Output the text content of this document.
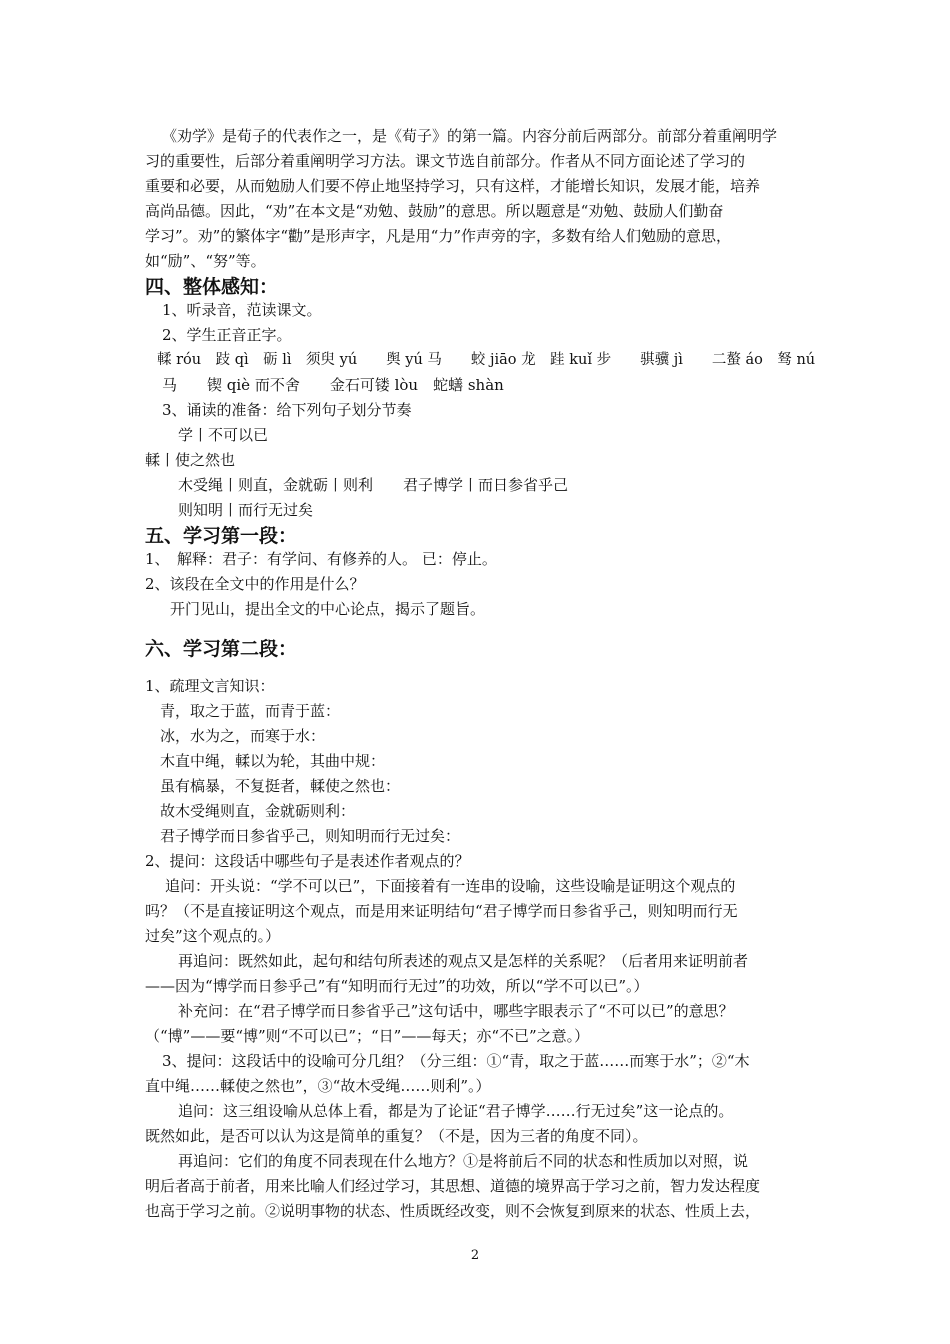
《劝学》是荀子的代表作之一，是《荀子》的第一篇。内容分前后两部分。前部分着重阐明学
习的重要性，后部分着重阐明学习方法。课文节选自前部分。作者从不同方面论述了学习的
重要和必要，从而勉励人们要不停止地坚持学习，只有这样，才能增长知识，发展才能，培养
高尚品德。因此，“劝”在本文是“劝勉、鼓励”的意思。所以题意是“劝勉、鼓励人们勤奋
学习”。劝”的繁体字“勸”是形声字，凡是用“力”作声旁的字，多数有给人们勉励的意思，
如“励”、“努”等。
四、整体感知：
1、听录音，范读课文。
2、学生正音正字。
輮 róu　跂 qì　砺 lì　须臾 yú　　舆 yú 马　　蛟 jiāo 龙　跬 kuǐ 步　　骐骥 jì　　二螯 áo　驽 nú
马　　锲 qiè 而不舍　　金石可镂 lòu　蛇蟮 shàn
3、诵读的准备：给下列句子划分节奏
学丨不可以已
輮丨使之然也
木受绳丨则直，金就砺丨则利　　君子博学丨而日参省乎己
则知明丨而行无过矣
五、学习第一段：
1、　解释：君子：有学问、有修养的人。 已：停止。
2、该段在全文中的作用是什么？
开门见山，提出全文的中心论点，揭示了题旨。
六、学习第二段：
1、疏理文言知识：
青，取之于蓝，而青于蓝：
冰，水为之，而寒于水：
木直中绳，輮以为轮，其曲中规：
虽有槁暴，不复挺者，輮使之然也：
故木受绳则直，金就砺则利：
君子博学而日参省乎己，则知明而行无过矣：
2、提问：这段话中哪些句子是表述作者观点的？
追问：开头说：“学不可以已”，下面接着有一连串的设喻，这些设喻是证明这个观点的
吗？（不是直接证明这个观点，而是用来证明结句“君子博学而日参省乎己，则知明而行无
过矣”这个观点的。）
再追问：既然如此，起句和结句所表述的观点又是怎样的关系呢？（后者用来证明前者
——因为“博学而日参乎己”有“知明而行无过”的功效，所以“学不可以已”。）
补充问：在“君子博学而日参省乎己”这句话中，哪些字眼表示了“不可以已”的意思？
（“博”——要“博”则“不可以已”；“日”——每天；亦“不已”之意。）
3、提问：这段话中的设喻可分几组？（分三组：①“青，取之于蓝……而寒于水”；②“木
直中绳……輮使之然也”，③“故木受绳……则利”。）
追问：这三组设喻从总体上看，都是为了论证“君子博学……行无过矣”这一论点的。
既然如此，是否可以认为这是简单的重复？（不是，因为三者的角度不同）。
再追问：它们的角度不同表现在什么地方？①是将前后不同的状态和性质加以对照，说
明后者高于前者，用来比喻人们经过学习，其思想、道德的境界高于学习之前，智力发达程度
也高于学习之前。②说明事物的状态、性质既经改变，则不会恢复到原来的状态、性质上去，
2
